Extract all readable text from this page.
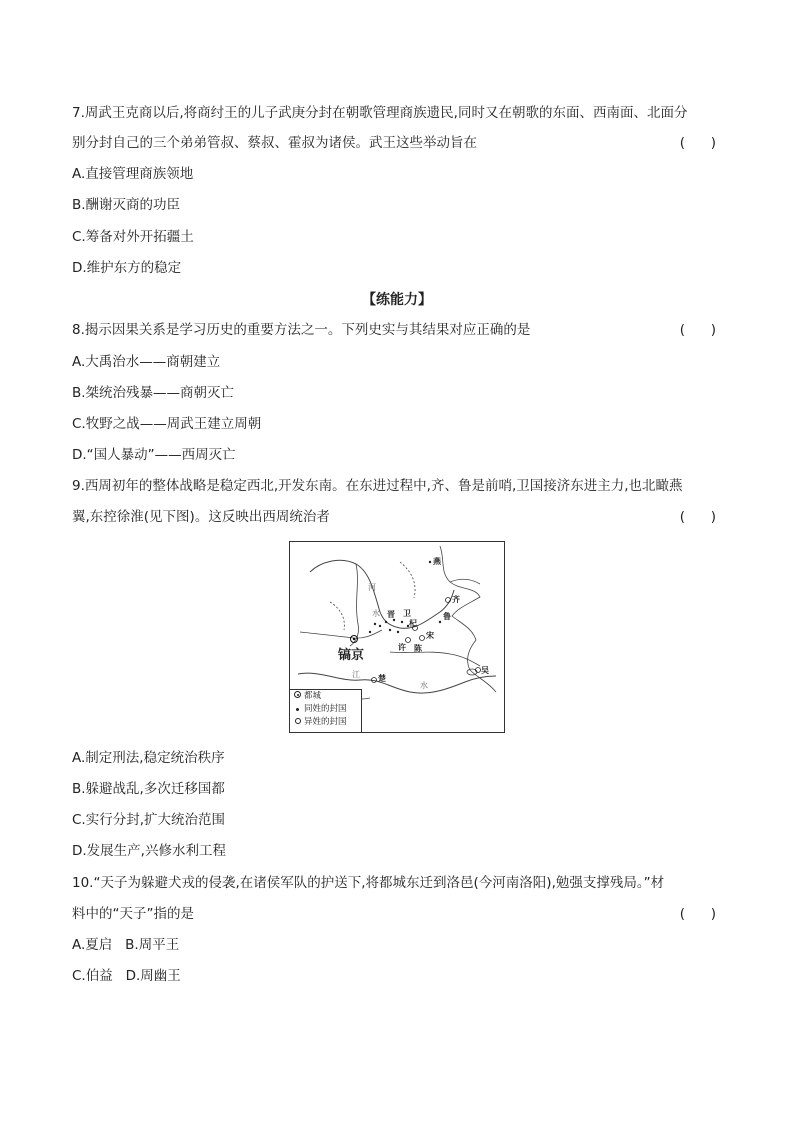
7.周武王克商以后,将商纣王的儿子武庚分封在朝歌管理商族遗民,同时又在朝歌的东面、西南面、北面分
别分封自己的三个弟弟管叔、蔡叔、霍叔为诸侯。武王这些举动旨在	(      )
A.直接管理商族领地
B.酬谢灭商的功臣
C.筹备对外开拓疆土
D.维护东方的稳定
【练能力】
8.揭示因果关系是学习历史的重要方法之一。下列史实与其结果对应正确的是	(      )
A.大禹治水——商朝建立
B.桀统治残暴——商朝灭亡
C.牧野之战——周武王建立周朝
D.“国人暴动”——西周灭亡
9.西周初年的整体战略是稳定西北,开发东南。在东进过程中,齐、鲁是前哨,卫国接济东进主力,也北瞰燕
翼,东控徐淮(见下图)。这反映出西周统治者	(      )
河
水
江
水
燕
齐
晋 卫	鲁
杞
宋
许 陈
楚
吴
镐京
都城
同姓的封国
异姓的封国
A.制定刑法,稳定统治秩序
B.躲避战乱,多次迁移国都
C.实行分封,扩大统治范围
D.发展生产,兴修水利工程
10.“天子为躲避犬戎的侵袭,在诸侯军队的护送下,将都城东迁到洛邑(今河南洛阳),勉强支撑残局。”材
料中的“天子”指的是	(      )
A.夏启   B.周平王
C.伯益   D.周幽王
